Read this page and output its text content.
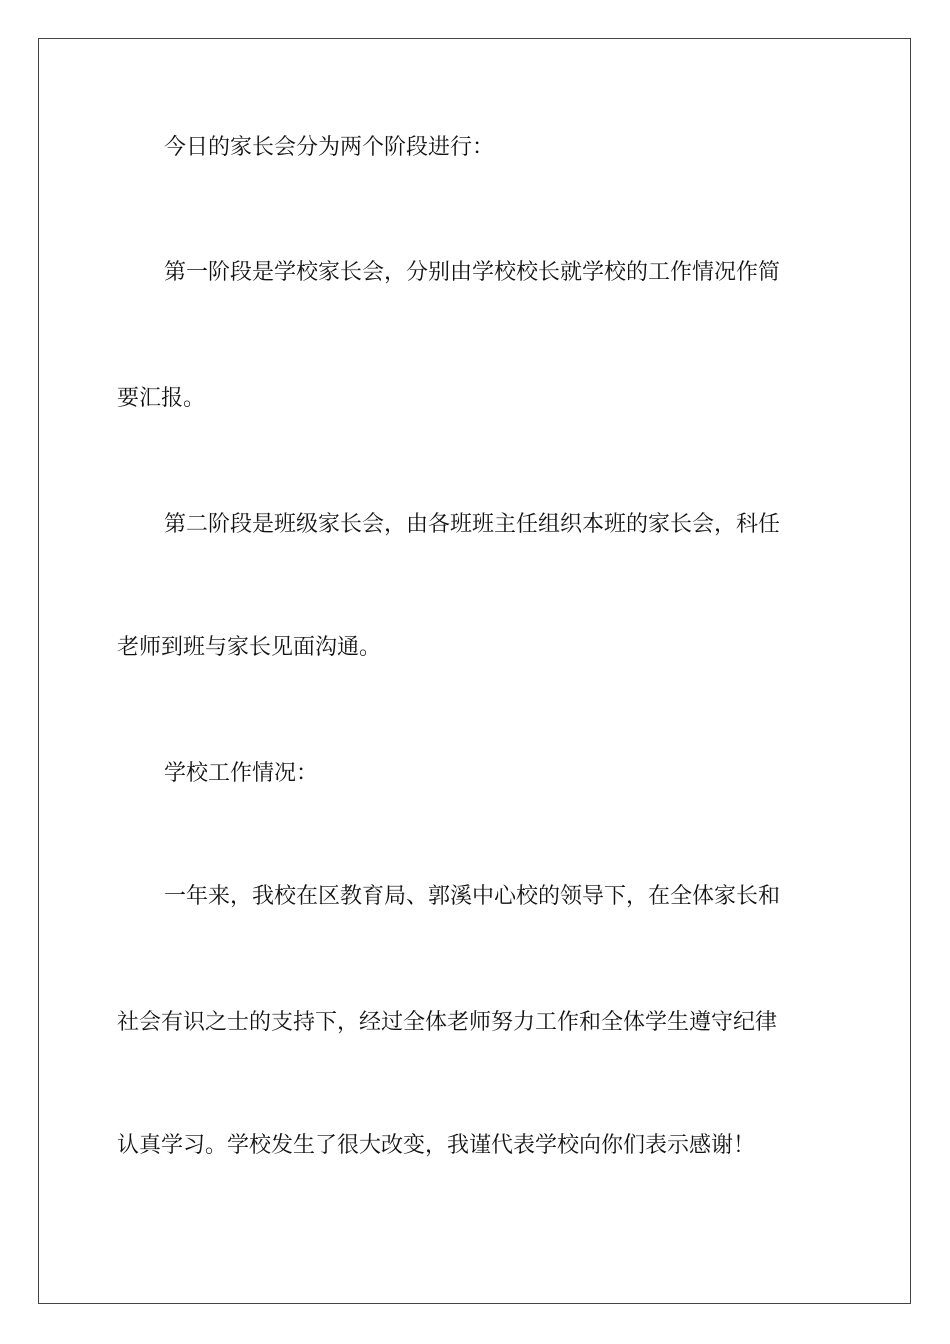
今日的家长会分为两个阶段进行：

第一阶段是学校家长会，分别由学校校长就学校的工作情况作简

要汇报。

第二阶段是班级家长会，由各班班主任组织本班的家长会，科任

老师到班与家长见面沟通。

学校工作情况：

一年来，我校在区教育局、郭溪中心校的领导下，在全体家长和

社会有识之士的支持下，经过全体老师努力工作和全体学生遵守纪律

认真学习。学校发生了很大改变，我谨代表学校向你们表示感谢！
